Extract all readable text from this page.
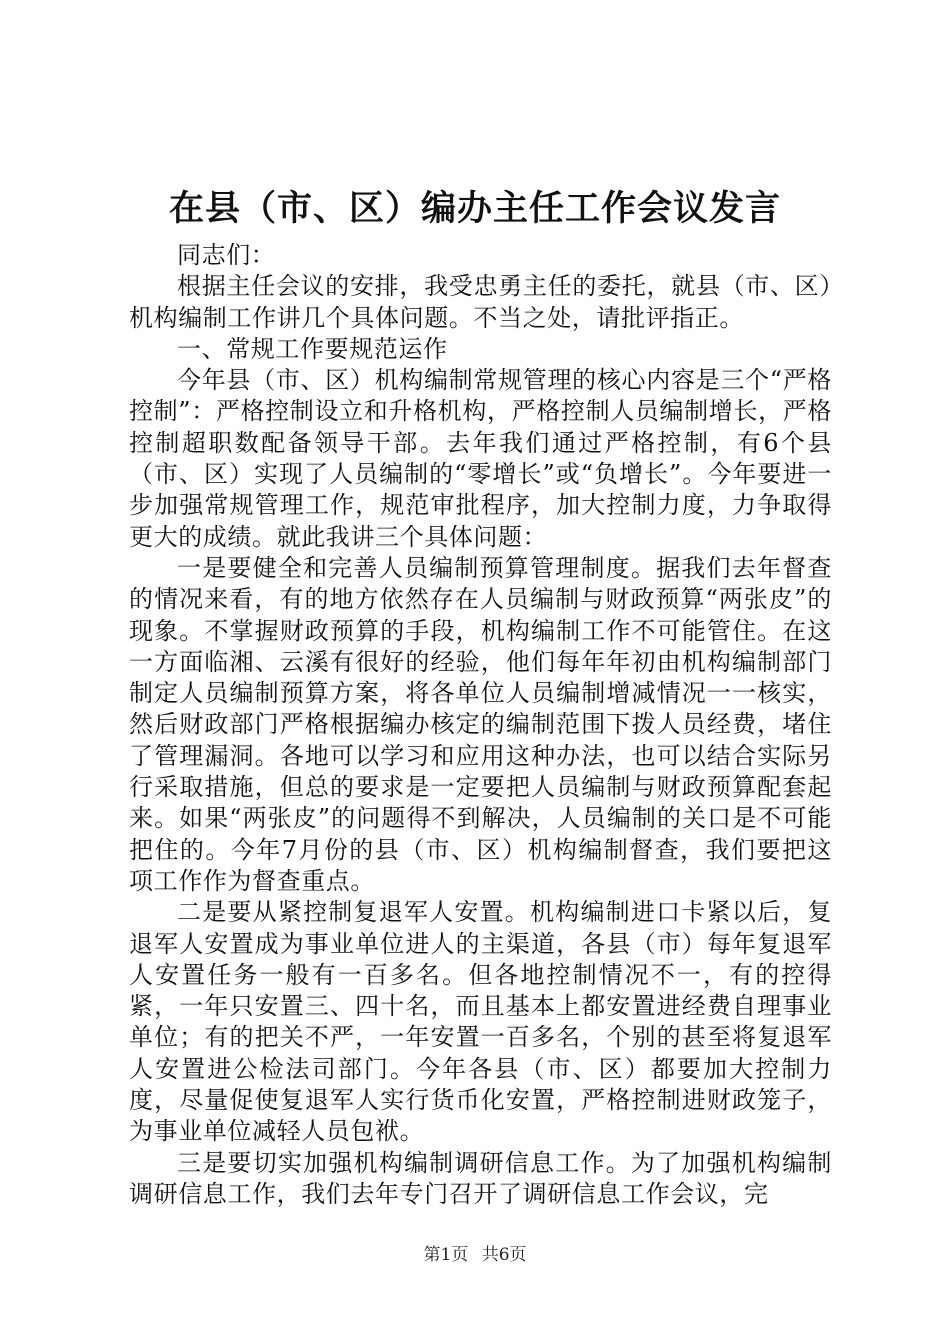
在县（市、区）编办主任工作会议发言

同志们：

根据主任会议的安排，我受忠勇主任的委托，就县（市、区）机构编制工作讲几个具体问题。不当之处，请批评指正。

一、常规工作要规范运作

今年县（市、区）机构编制常规管理的核心内容是三个“严格控制”：严格控制设立和升格机构，严格控制人员编制增长，严格控制超职数配备领导干部。去年我们通过严格控制，有6个县（市、区）实现了人员编制的“零增长”或“负增长”。今年要进一步加强常规管理工作，规范审批程序，加大控制力度，力争取得更大的成绩。就此我讲三个具体问题：

一是要健全和完善人员编制预算管理制度。据我们去年督查的情况来看，有的地方依然存在人员编制与财政预算“两张皮”的现象。不掌握财政预算的手段，机构编制工作不可能管住。在这一方面临湘、云溪有很好的经验，他们每年年初由机构编制部门制定人员编制预算方案，将各单位人员编制增减情况一一核实，然后财政部门严格根据编办核定的编制范围下拨人员经费，堵住了管理漏洞。各地可以学习和应用这种办法，也可以结合实际另行采取措施，但总的要求是一定要把人员编制与财政预算配套起来。如果“两张皮”的问题得不到解决，人员编制的关口是不可能把住的。今年7月份的县（市、区）机构编制督查，我们要把这项工作作为督查重点。

二是要从紧控制复退军人安置。机构编制进口卡紧以后，复退军人安置成为事业单位进人的主渠道，各县（市）每年复退军人安置任务一般有一百多名。但各地控制情况不一，有的控得紧，一年只安置三、四十名，而且基本上都安置进经费自理事业单位；有的把关不严，一年安置一百多名，个别的甚至将复退军人安置进公检法司部门。今年各县（市、区）都要加大控制力度，尽量促使复退军人实行货币化安置，严格控制进财政笼子，为事业单位减轻人员包袱。

三是要切实加强机构编制调研信息工作。为了加强机构编制调研信息工作，我们去年专门召开了调研信息工作会议，完

第1页 共6页
